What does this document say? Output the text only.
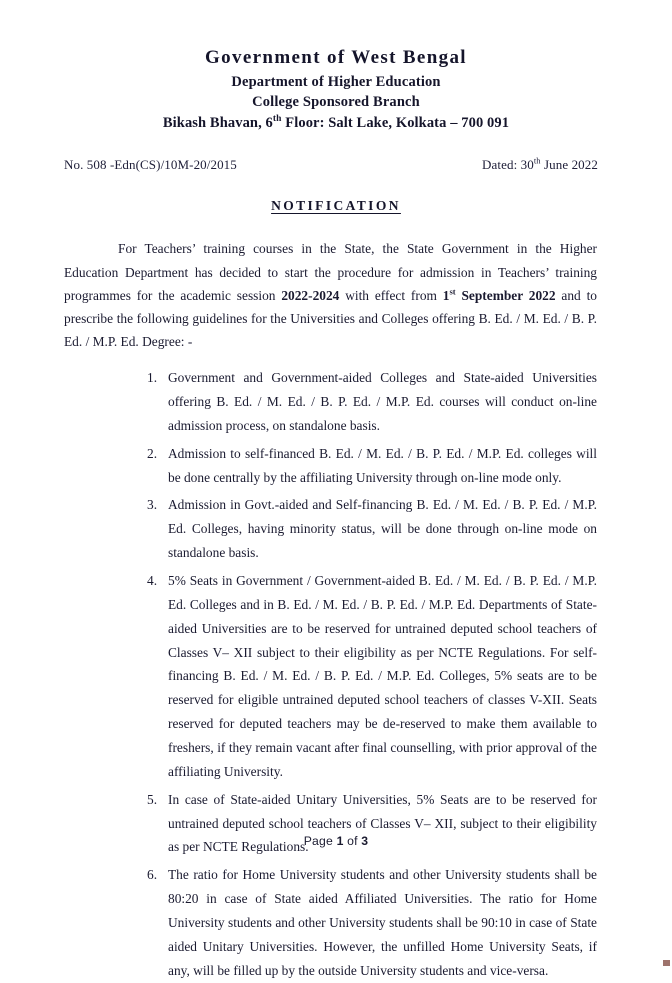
Government of West Bengal
Department of Higher Education
College Sponsored Branch
Bikash Bhavan, 6th Floor: Salt Lake, Kolkata – 700 091
No. 508 -Edn(CS)/10M-20/2015	Dated: 30th June 2022
NOTIFICATION

For Teachers’ training courses in the State, the State Government in the Higher Education Department has decided to start the procedure for admission in Teachers’ training programmes for the academic session 2022-2024 with effect from 1st September 2022 and to prescribe the following guidelines for the Universities and Colleges offering B. Ed. / M. Ed. / B. P. Ed. / M.P. Ed. Degree: -

Government and Government-aided Colleges and State-aided Universities offering B. Ed. / M. Ed. / B. P. Ed. / M.P. Ed. courses will conduct on-line admission process, on standalone basis.
Admission to self-financed B. Ed. / M. Ed. / B. P. Ed. / M.P. Ed. colleges will be done centrally by the affiliating University through on-line mode only.
Admission in Govt.-aided and Self-financing B. Ed. / M. Ed. / B. P. Ed. / M.P. Ed. Colleges, having minority status, will be done through on-line mode on standalone basis.
5% Seats in Government / Government-aided B. Ed. / M. Ed. / B. P. Ed. / M.P. Ed. Colleges and in B. Ed. / M. Ed. / B. P. Ed. / M.P. Ed. Departments of State-aided Universities are to be reserved for untrained deputed school teachers of Classes V– XII subject to their eligibility as per NCTE Regulations. For self-financing B. Ed. / M. Ed. / B. P. Ed. / M.P. Ed. Colleges, 5% seats are to be reserved for eligible untrained deputed school teachers of classes V-XII. Seats reserved for deputed teachers may be de-reserved to make them available to freshers, if they remain vacant after final counselling, with prior approval of the affiliating University.
In case of State-aided Unitary Universities, 5% Seats are to be reserved for untrained deputed school teachers of Classes V– XII, subject to their eligibility as per NCTE Regulations.
The ratio for Home University students and other University students shall be 80:20 in case of State aided Affiliated Universities. The ratio for Home University students and other University students shall be 90:10 in case of State aided Unitary Universities. However, the unfilled Home University Seats, if any, will be filled up by the outside University students and vice-versa.
Page 1 of 3
